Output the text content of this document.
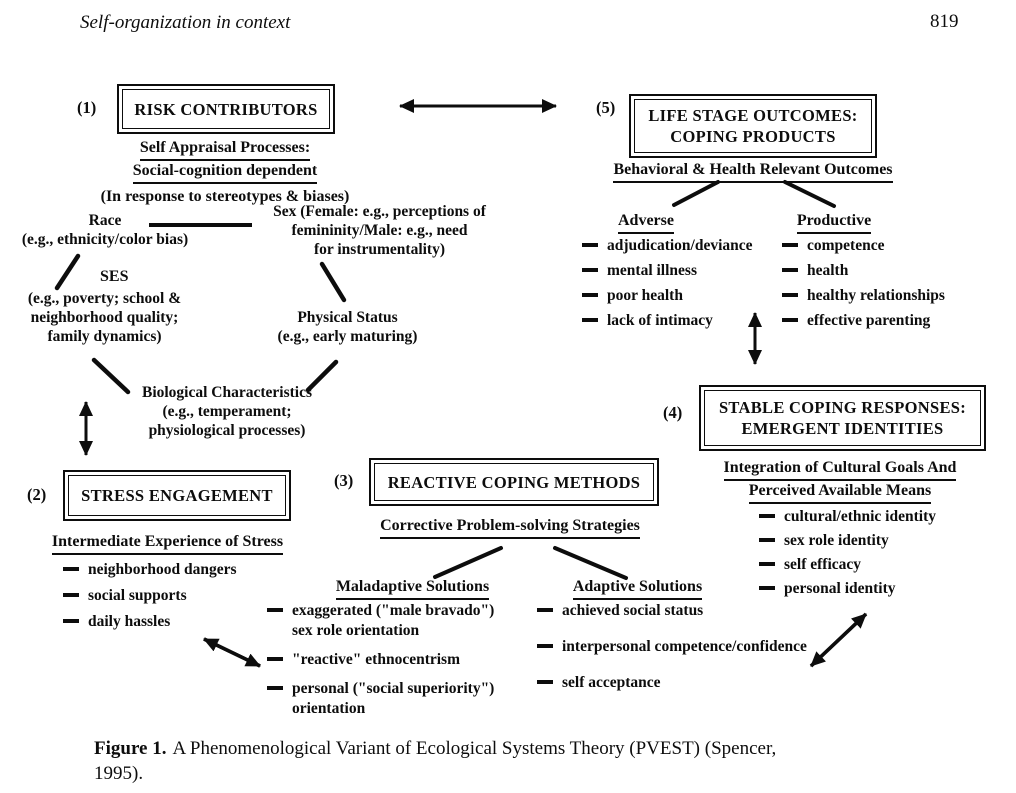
Self-organization in context	819
(1) RISK CONTRIBUTORS
Self Appraisal Processes:
Social-cognition dependent
(In response to stereotypes & biases)
Race
(e.g., ethnicity/color bias)
Sex (Female: e.g., perceptions of
femininity/Male: e.g., need
for instrumentality)
SES
(e.g., poverty; school &
neighborhood quality;
family dynamics)
Physical Status
(e.g., early maturing)
Biological Characteristics
(e.g., temperament;
physiological processes)
(2) STRESS ENGAGEMENT
Intermediate Experience of Stress
neighborhood dangers
social supports
daily hassles
(3) REACTIVE COPING METHODS
Corrective Problem-solving Strategies
Maladaptive Solutions
exaggerated ("male bravado")
sex role orientation
"reactive" ethnocentrism
personal ("social superiority")
orientation
Adaptive Solutions
achieved social status
interpersonal competence/confidence
self acceptance
(5) LIFE STAGE OUTCOMES:
COPING PRODUCTS
Behavioral & Health Relevant Outcomes
Adverse
adjudication/deviance
mental illness
poor health
lack of intimacy
Productive
competence
health
healthy relationships
effective parenting
(4) STABLE COPING RESPONSES:
EMERGENT IDENTITIES
Integration of Cultural Goals And
Perceived Available Means
cultural/ethnic identity
sex role identity
self efficacy
personal identity
Figure 1. A Phenomenological Variant of Ecological Systems Theory (PVEST) (Spencer,
1995).
